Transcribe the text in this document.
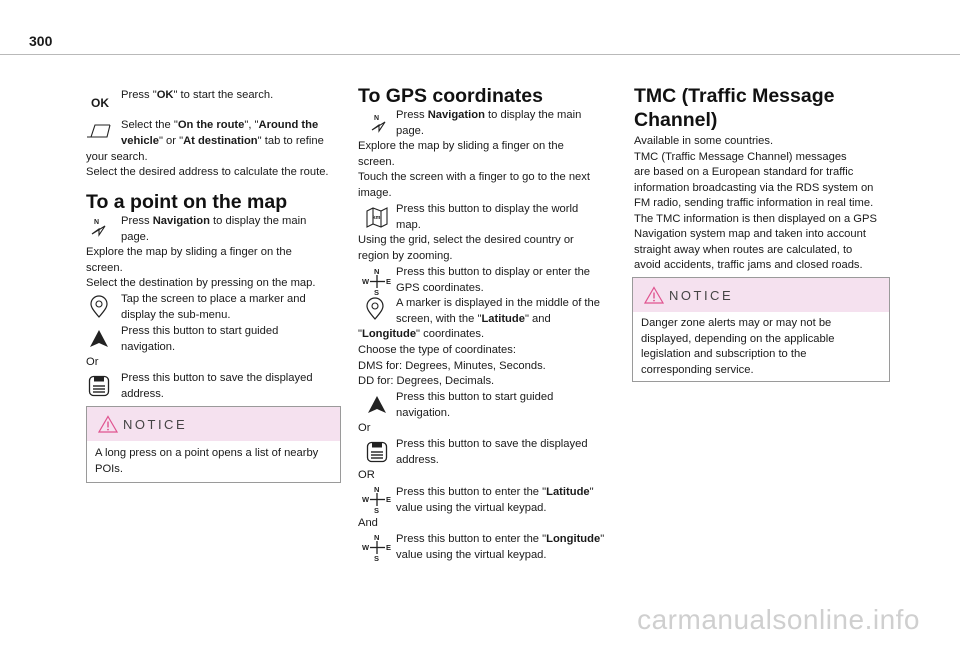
300
OK
Press "OK" to start the search.
Select the "On the route", "Around the
vehicle" or "At destination" tab to refine
your search.
Select the desired address to calculate the route.
To a point on the map
N Press Navigation to display the main
page.
Explore the map by sliding a finger on the
screen.
Select the destination by pressing on the map.
Tap the screen to place a marker and
display the sub-menu.
Press this button to start guided
navigation.
Or
Press this button to save the displayed
address.
NOTICE
A long press on a point opens a list of nearby
POIs.
To GPS coordinates
N Press Navigation to display the main
page.
Explore the map by sliding a finger on the
screen.
Touch the screen with a finger to go to the next
image.
km
Press this button to display the world
map.
Using the grid, select the desired country or
region by zooming.
N
W E
S
Press this button to display or enter the
GPS coordinates.
A marker is displayed in the middle of the
screen, with the "Latitude" and
"Longitude" coordinates.
Choose the type of coordinates:
DMS for: Degrees, Minutes, Seconds.
DD for: Degrees, Decimals.
Press this button to start guided
navigation.
Or
Press this button to save the displayed
address.
OR
N
W E
S
Press this button to enter the "Latitude"
value using the virtual keypad.
And
N
W E
S
Press this button to enter the "Longitude"
value using the virtual keypad.
TMC (Traffic Message
Channel)
Available in some countries.
TMC (Traffic Message Channel) messages
are based on a European standard for traffic
information broadcasting via the RDS system on
FM radio, sending traffic information in real time.
The TMC information is then displayed on a GPS
Navigation system map and taken into account
straight away when routes are calculated, to
avoid accidents, traffic jams and closed roads.
NOTICE
Danger zone alerts may or may not be
displayed, depending on the applicable
legislation and subscription to the
corresponding service.
carmanualsonline.info
